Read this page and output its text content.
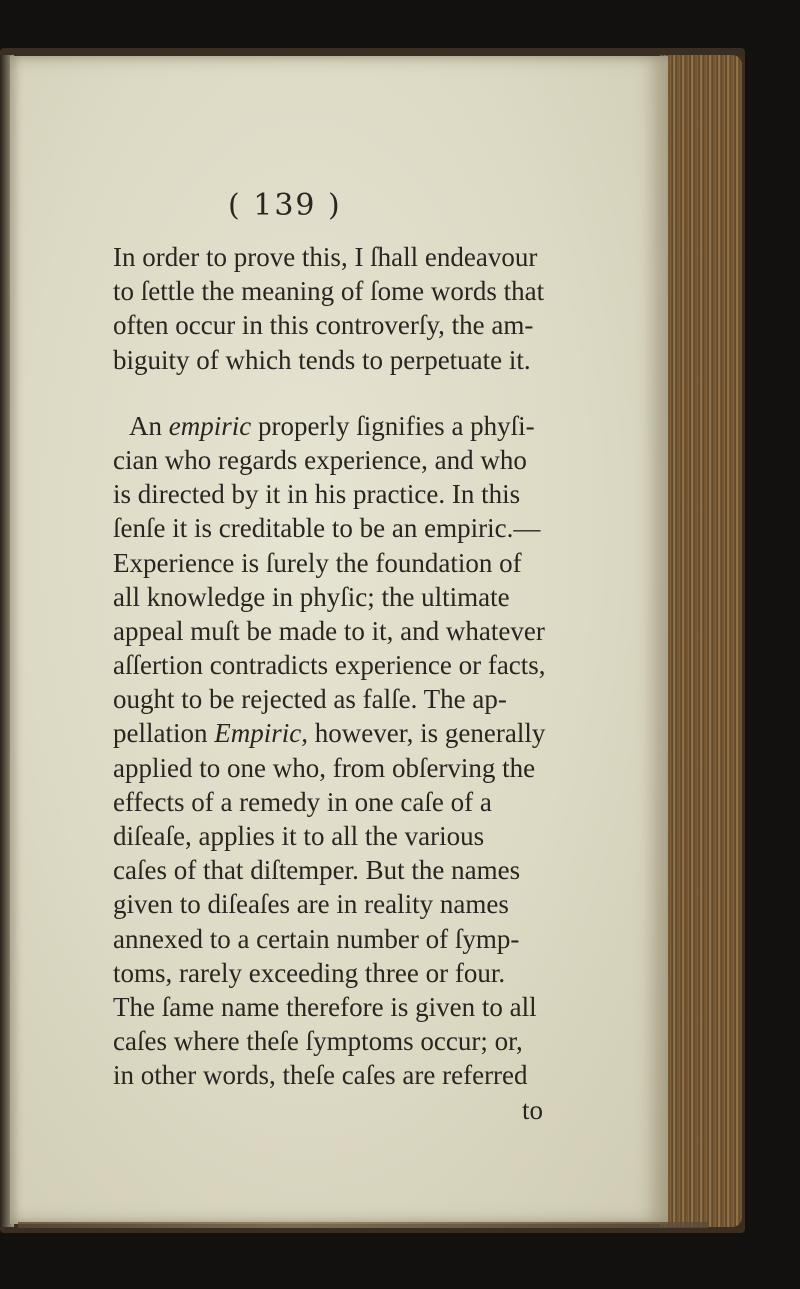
( 139 )
In order to prove this, I ſhall endeavour
to ſettle the meaning of ſome words that
often occur in this controverſy, the am-
biguity of which tends to perpetuate it.
An empiric properly ſignifies a phyſi-
cian who regards experience, and who
is directed by it in his practice. In this
ſenſe it is creditable to be an empiric.—
Experience is ſurely the foundation of
all knowledge in phyſic; the ultimate
appeal muſt be made to it, and whatever
aſſertion contradicts experience or facts,
ought to be rejected as falſe. The ap-
pellation Empiric, however, is generally
applied to one who, from obſerving the
effects of a remedy in one caſe of a
diſeaſe, applies it to all the various
caſes of that diſtemper. But the names
given to diſeaſes are in reality names
annexed to a certain number of ſymp-
toms, rarely exceeding three or four.
The ſame name therefore is given to all
caſes where theſe ſymptoms occur; or,
in other words, theſe caſes are referred
to
